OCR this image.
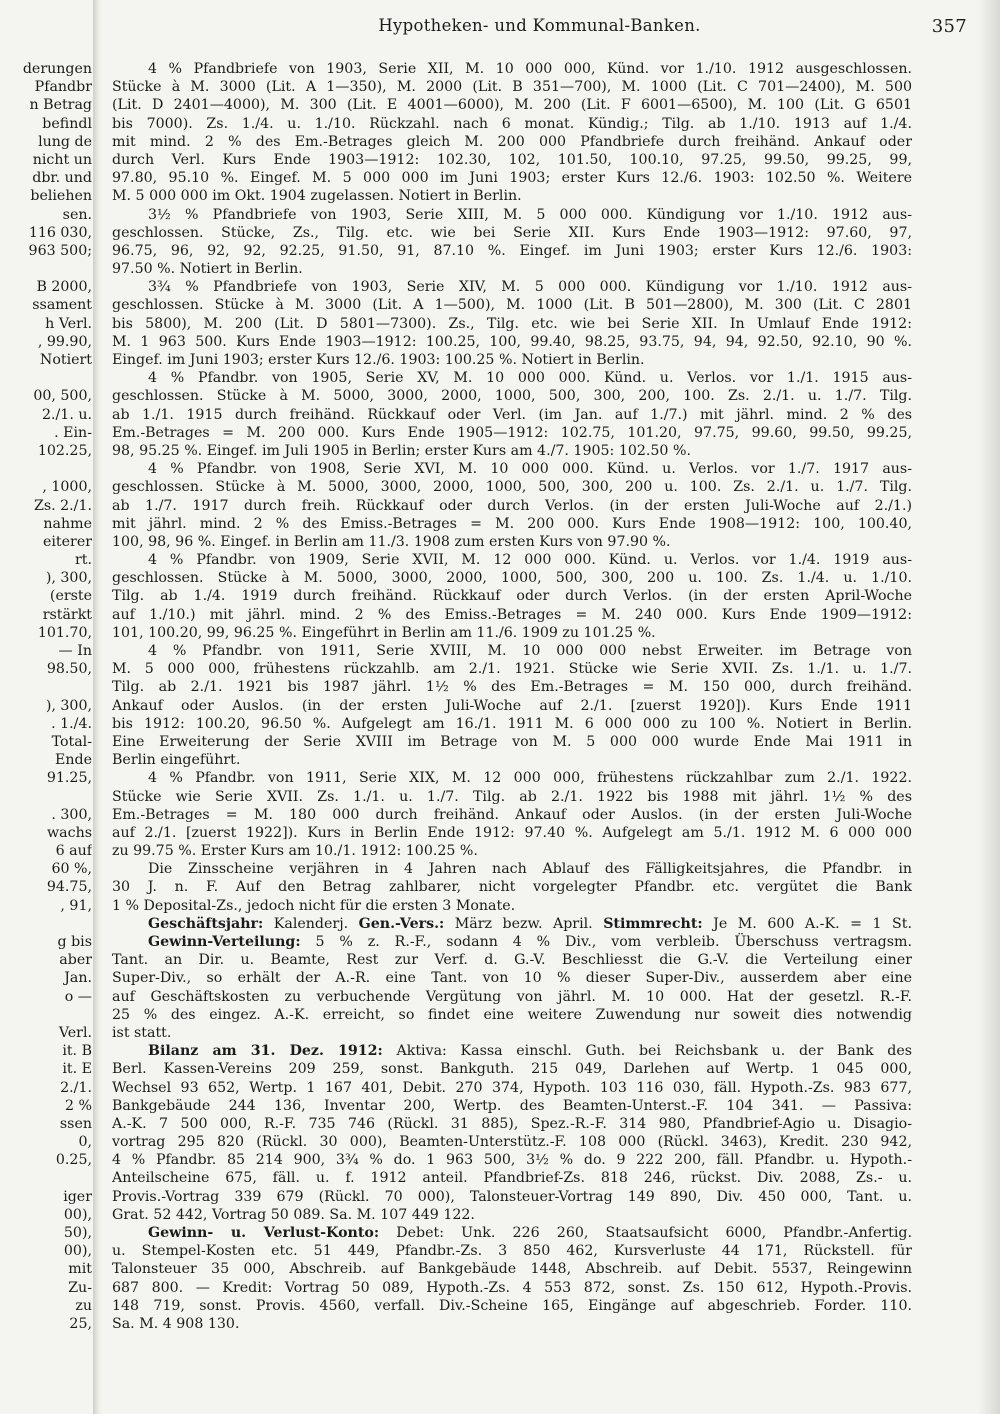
derungen
Pfandbr
n Betrag
befindl
lung de
nicht un
dbr. und
beliehen
sen.
116 030,
963 500;
B 2000,
ssament
h Verl.
, 99.90,
Notiert
00, 500,
2./1. u.
. Ein-
102.25,
, 1000,
Zs. 2./1.
nahme
eiterer
rt.
), 300,
(erste
rstärkt
101.70,
— In
98.50,
), 300,
. 1./4.
Total-
Ende
91.25,
. 300,
wachs
6 auf
60 %,
94.75,
, 91,
g bis
aber
Jan.
o —
Verl.
it. B
it. E
2./1.
2 %
ssen
0,
0.25,
iger
00),
50),
00),
mit
Zu-
zu
25,
Hypotheken- und Kommunal-Banken.	357
4 % Pfandbriefe von 1903, Serie XII, M. 10 000 000, Künd. vor 1./10. 1912 ausgeschlossen.
Stücke à M. 3000 (Lit. A 1—350), M. 2000 (Lit. B 351—700), M. 1000 (Lit. C 701—2400), M. 500
(Lit. D 2401—4000), M. 300 (Lit. E 4001—6000), M. 200 (Lit. F 6001—6500), M. 100 (Lit. G 6501
bis 7000). Zs. 1./4. u. 1./10. Rückzahl. nach 6 monat. Kündig.; Tilg. ab 1./10. 1913 auf 1./4.
mit mind. 2 % des Em.-Betrages gleich M. 200 000 Pfandbriefe durch freihänd. Ankauf oder
durch Verl. Kurs Ende 1903—1912: 102.30, 102, 101.50, 100.10, 97.25, 99.50, 99.25, 99,
97.80, 95.10 %. Eingef. M. 5 000 000 im Juni 1903; erster Kurs 12./6. 1903: 102.50 %. Weitere
M. 5 000 000 im Okt. 1904 zugelassen. Notiert in Berlin.
3½ % Pfandbriefe von 1903, Serie XIII, M. 5 000 000. Kündigung vor 1./10. 1912 aus-
geschlossen. Stücke, Zs., Tilg. etc. wie bei Serie XII. Kurs Ende 1903—1912: 97.60, 97,
96.75, 96, 92, 92, 92.25, 91.50, 91, 87.10 %. Eingef. im Juni 1903; erster Kurs 12./6. 1903:
97.50 %. Notiert in Berlin.
3¾ % Pfandbriefe von 1903, Serie XIV, M. 5 000 000. Kündigung vor 1./10. 1912 aus-
geschlossen. Stücke à M. 3000 (Lit. A 1—500), M. 1000 (Lit. B 501—2800), M. 300 (Lit. C 2801
bis 5800), M. 200 (Lit. D 5801—7300). Zs., Tilg. etc. wie bei Serie XII. In Umlauf Ende 1912:
M. 1 963 500. Kurs Ende 1903—1912: 100.25, 100, 99.40, 98.25, 93.75, 94, 94, 92.50, 92.10, 90 %.
Eingef. im Juni 1903; erster Kurs 12./6. 1903: 100.25 %. Notiert in Berlin.
4 % Pfandbr. von 1905, Serie XV, M. 10 000 000. Künd. u. Verlos. vor 1./1. 1915 aus-
geschlossen. Stücke à M. 5000, 3000, 2000, 1000, 500, 300, 200, 100. Zs. 2./1. u. 1./7. Tilg.
ab 1./1. 1915 durch freihänd. Rückkauf oder Verl. (im Jan. auf 1./7.) mit jährl. mind. 2 % des
Em.-Betrages = M. 200 000. Kurs Ende 1905—1912: 102.75, 101.20, 97.75, 99.60, 99.50, 99.25,
98, 95.25 %. Eingef. im Juli 1905 in Berlin; erster Kurs am 4./7. 1905: 102.50 %.
4 % Pfandbr. von 1908, Serie XVI, M. 10 000 000. Künd. u. Verlos. vor 1./7. 1917 aus-
geschlossen. Stücke à M. 5000, 3000, 2000, 1000, 500, 300, 200 u. 100. Zs. 2./1. u. 1./7. Tilg.
ab 1./7. 1917 durch freih. Rückkauf oder durch Verlos. (in der ersten Juli-Woche auf 2./1.)
mit jährl. mind. 2 % des Emiss.-Betrages = M. 200 000. Kurs Ende 1908—1912: 100, 100.40,
100, 98, 96 %. Eingef. in Berlin am 11./3. 1908 zum ersten Kurs von 97.90 %.
4 % Pfandbr. von 1909, Serie XVII, M. 12 000 000. Künd. u. Verlos. vor 1./4. 1919 aus-
geschlossen. Stücke à M. 5000, 3000, 2000, 1000, 500, 300, 200 u. 100. Zs. 1./4. u. 1./10.
Tilg. ab 1./4. 1919 durch freihänd. Rückkauf oder durch Verlos. (in der ersten April-Woche
auf 1./10.) mit jährl. mind. 2 % des Emiss.-Betrages = M. 240 000. Kurs Ende 1909—1912:
101, 100.20, 99, 96.25 %. Eingeführt in Berlin am 11./6. 1909 zu 101.25 %.
4 % Pfandbr. von 1911, Serie XVIII, M. 10 000 000 nebst Erweiter. im Betrage von
M. 5 000 000, frühestens rückzahlb. am 2./1. 1921. Stücke wie Serie XVII. Zs. 1./1. u. 1./7.
Tilg. ab 2./1. 1921 bis 1987 jährl. 1½ % des Em.-Betrages = M. 150 000, durch freihänd.
Ankauf oder Auslos. (in der ersten Juli-Woche auf 2./1. [zuerst 1920]). Kurs Ende 1911
bis 1912: 100.20, 96.50 %. Aufgelegt am 16./1. 1911 M. 6 000 000 zu 100 %. Notiert in Berlin.
Eine Erweiterung der Serie XVIII im Betrage von M. 5 000 000 wurde Ende Mai 1911 in
Berlin eingeführt.
4 % Pfandbr. von 1911, Serie XIX, M. 12 000 000, frühestens rückzahlbar zum 2./1. 1922.
Stücke wie Serie XVII. Zs. 1./1. u. 1./7. Tilg. ab 2./1. 1922 bis 1988 mit jährl. 1½ % des
Em.-Betrages = M. 180 000 durch freihänd. Ankauf oder Auslos. (in der ersten Juli-Woche
auf 2./1. [zuerst 1922]). Kurs in Berlin Ende 1912: 97.40 %. Aufgelegt am 5./1. 1912 M. 6 000 000
zu 99.75 %. Erster Kurs am 10./1. 1912: 100.25 %.
Die Zinsscheine verjähren in 4 Jahren nach Ablauf des Fälligkeitsjahres, die Pfandbr. in
30 J. n. F. Auf den Betrag zahlbarer, nicht vorgelegter Pfandbr. etc. vergütet die Bank
1 % Deposital-Zs., jedoch nicht für die ersten 3 Monate.
Geschäftsjahr: Kalenderj. Gen.-Vers.: März bezw. April. Stimmrecht: Je M. 600 A.-K. = 1 St.
Gewinn-Verteilung: 5 % z. R.-F., sodann 4 % Div., vom verbleib. Überschuss vertragsm.
Tant. an Dir. u. Beamte, Rest zur Verf. d. G.-V. Beschliesst die G.-V. die Verteilung einer
Super-Div., so erhält der A.-R. eine Tant. von 10 % dieser Super-Div., ausserdem aber eine
auf Geschäftskosten zu verbuchende Vergütung von jährl. M. 10 000. Hat der gesetzl. R.-F.
25 % des eingez. A.-K. erreicht, so findet eine weitere Zuwendung nur soweit dies notwendig
ist statt.
Bilanz am 31. Dez. 1912: Aktiva: Kassa einschl. Guth. bei Reichsbank u. der Bank des
Berl. Kassen-Vereins 209 259, sonst. Bankguth. 215 049, Darlehen auf Wertp. 1 045 000,
Wechsel 93 652, Wertp. 1 167 401, Debit. 270 374, Hypoth. 103 116 030, fäll. Hypoth.-Zs. 983 677,
Bankgebäude 244 136, Inventar 200, Wertp. des Beamten-Unterst.-F. 104 341. — Passiva:
A.-K. 7 500 000, R.-F. 735 746 (Rückl. 31 885), Spez.-R.-F. 314 980, Pfandbrief-Agio u. Disagio-
vortrag 295 820 (Rückl. 30 000), Beamten-Unterstütz.-F. 108 000 (Rückl. 3463), Kredit. 230 942,
4 % Pfandbr. 85 214 900, 3¾ % do. 1 963 500, 3½ % do. 9 222 200, fäll. Pfandbr. u. Hypoth.-
Anteilscheine 675, fäll. u. f. 1912 anteil. Pfandbrief-Zs. 818 246, rückst. Div. 2088, Zs.- u.
Provis.-Vortrag 339 679 (Rückl. 70 000), Talonsteuer-Vortrag 149 890, Div. 450 000, Tant. u.
Grat. 52 442, Vortrag 50 089. Sa. M. 107 449 122.
Gewinn- u. Verlust-Konto: Debet: Unk. 226 260, Staatsaufsicht 6000, Pfandbr.-Anfertig.
u. Stempel-Kosten etc. 51 449, Pfandbr.-Zs. 3 850 462, Kursverluste 44 171, Rückstell. für
Talonsteuer 35 000, Abschreib. auf Bankgebäude 1448, Abschreib. auf Debit. 5537, Reingewinn
687 800. — Kredit: Vortrag 50 089, Hypoth.-Zs. 4 553 872, sonst. Zs. 150 612, Hypoth.-Provis.
148 719, sonst. Provis. 4560, verfall. Div.-Scheine 165, Eingänge auf abgeschrieb. Forder. 110.
Sa. M. 4 908 130.
